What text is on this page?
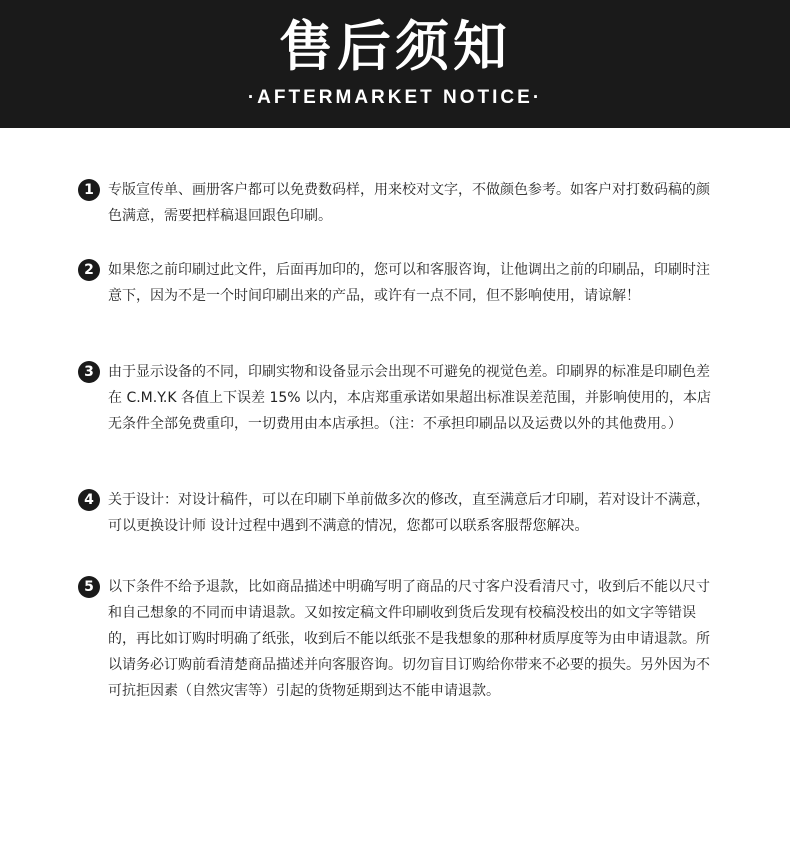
售后须知
·AFTERMARKET NOTICE·
1	专版宣传单、画册客户都可以免费数码样，用来校对文字，不做颜色参考。如客户对打数码稿的颜色满意，需要把样稿退回跟色印刷。

2	如果您之前印刷过此文件，后面再加印的，您可以和客服咨询，让他调出之前的印刷品，印刷时注意下，因为不是一个时间印刷出来的产品，或许有一点不同，但不影响使用，请谅解！

3	由于显示设备的不同，印刷实物和设备显示会出现不可避免的视觉色差。印刷界的标准是印刷色差在 C.M.Y.K 各值上下误差 15% 以内，本店郑重承诺如果超出标准误差范围，并影响使用的，本店无条件全部免费重印，一切费用由本店承担。（注：不承担印刷品以及运费以外的其他费用。）

4	关于设计：对设计稿件，可以在印刷下单前做多次的修改，直至满意后才印刷，若对设计不满意，可以更换设计师 设计过程中遇到不满意的情况，您都可以联系客服帮您解决。

5	以下条件不给予退款，比如商品描述中明确写明了商品的尺寸客户没看清尺寸，收到后不能以尺寸和自己想象的不同而申请退款。又如按定稿文件印刷收到货后发现有校稿没校出的如文字等错误的，再比如订购时明确了纸张，收到后不能以纸张不是我想象的那种材质厚度等为由申请退款。所以请务必订购前看清楚商品描述并向客服咨询。切勿盲目订购给你带来不必要的损失。另外因为不可抗拒因素（自然灾害等）引起的货物延期到达不能申请退款。
